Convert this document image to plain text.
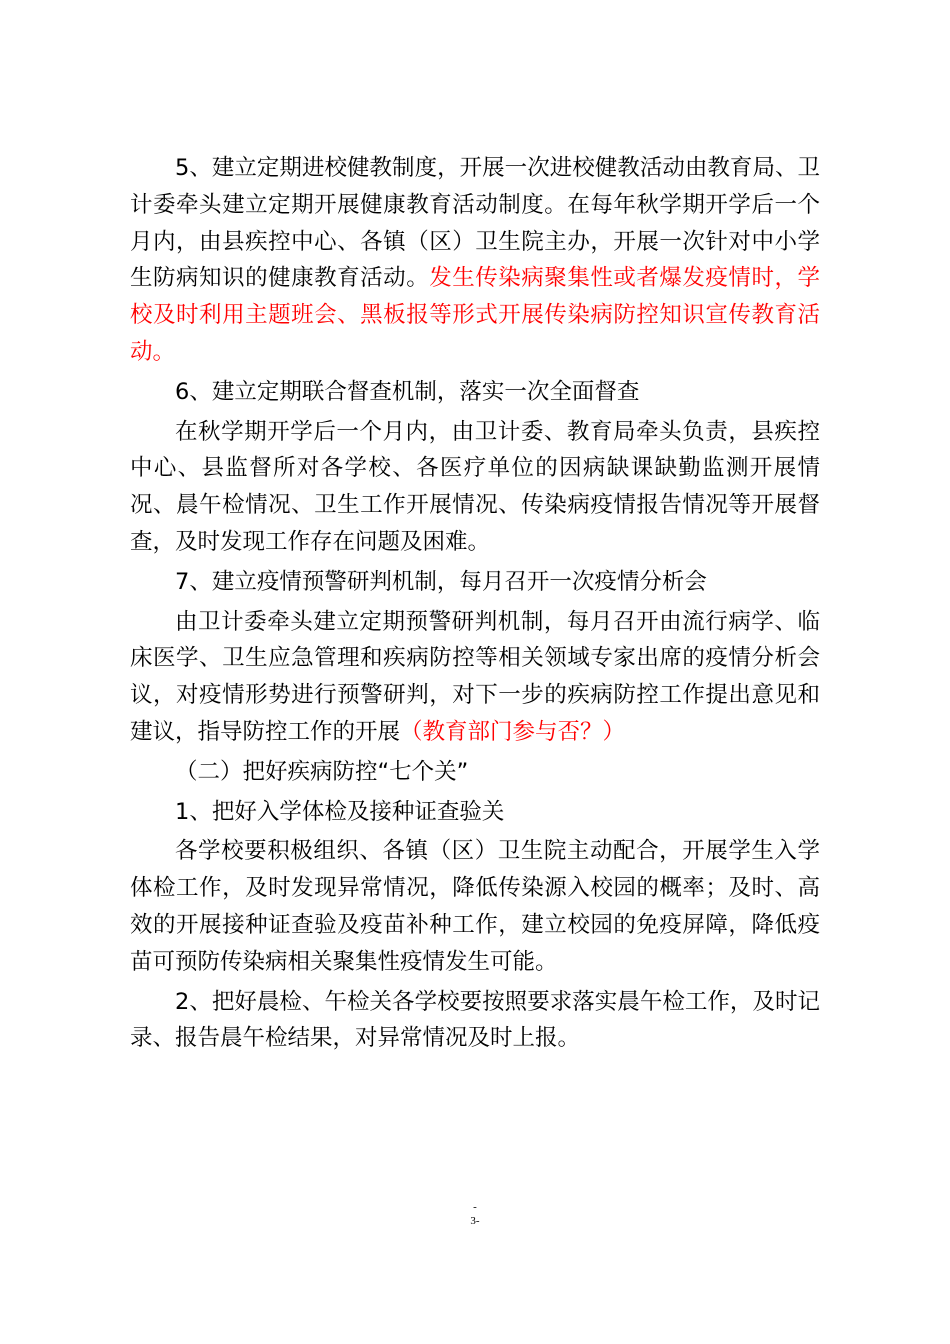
5、建立定期进校健教制度，开展一次进校健教活动由教育局、卫计委牵头建立定期开展健康教育活动制度。在每年秋学期开学后一个月内，由县疾控中心、各镇（区）卫生院主办，开展一次针对中小学生防病知识的健康教育活动。发生传染病聚集性或者爆发疫情时，学校及时利用主题班会、黑板报等形式开展传染病防控知识宣传教育活动。

6、建立定期联合督查机制，落实一次全面督查

在秋学期开学后一个月内，由卫计委、教育局牵头负责，县疾控中心、县监督所对各学校、各医疗单位的因病缺课缺勤监测开展情况、晨午检情况、卫生工作开展情况、传染病疫情报告情况等开展督查，及时发现工作存在问题及困难。

7、建立疫情预警研判机制，每月召开一次疫情分析会

由卫计委牵头建立定期预警研判机制，每月召开由流行病学、临床医学、卫生应急管理和疾病防控等相关领域专家出席的疫情分析会议，对疫情形势进行预警研判，对下一步的疾病防控工作提出意见和建议，指导防控工作的开展（教育部门参与否？）

（二）把好疾病防控“七个关”

1、把好入学体检及接种证查验关

各学校要积极组织、各镇（区）卫生院主动配合，开展学生入学体检工作，及时发现异常情况，降低传染源入校园的概率；及时、高效的开展接种证查验及疫苗补种工作，建立校园的免疫屏障，降低疫苗可预防传染病相关聚集性疫情发生可能。

2、把好晨检、午检关各学校要按照要求落实晨午检工作，及时记录、报告晨午检结果，对异常情况及时上报。

-
3-
